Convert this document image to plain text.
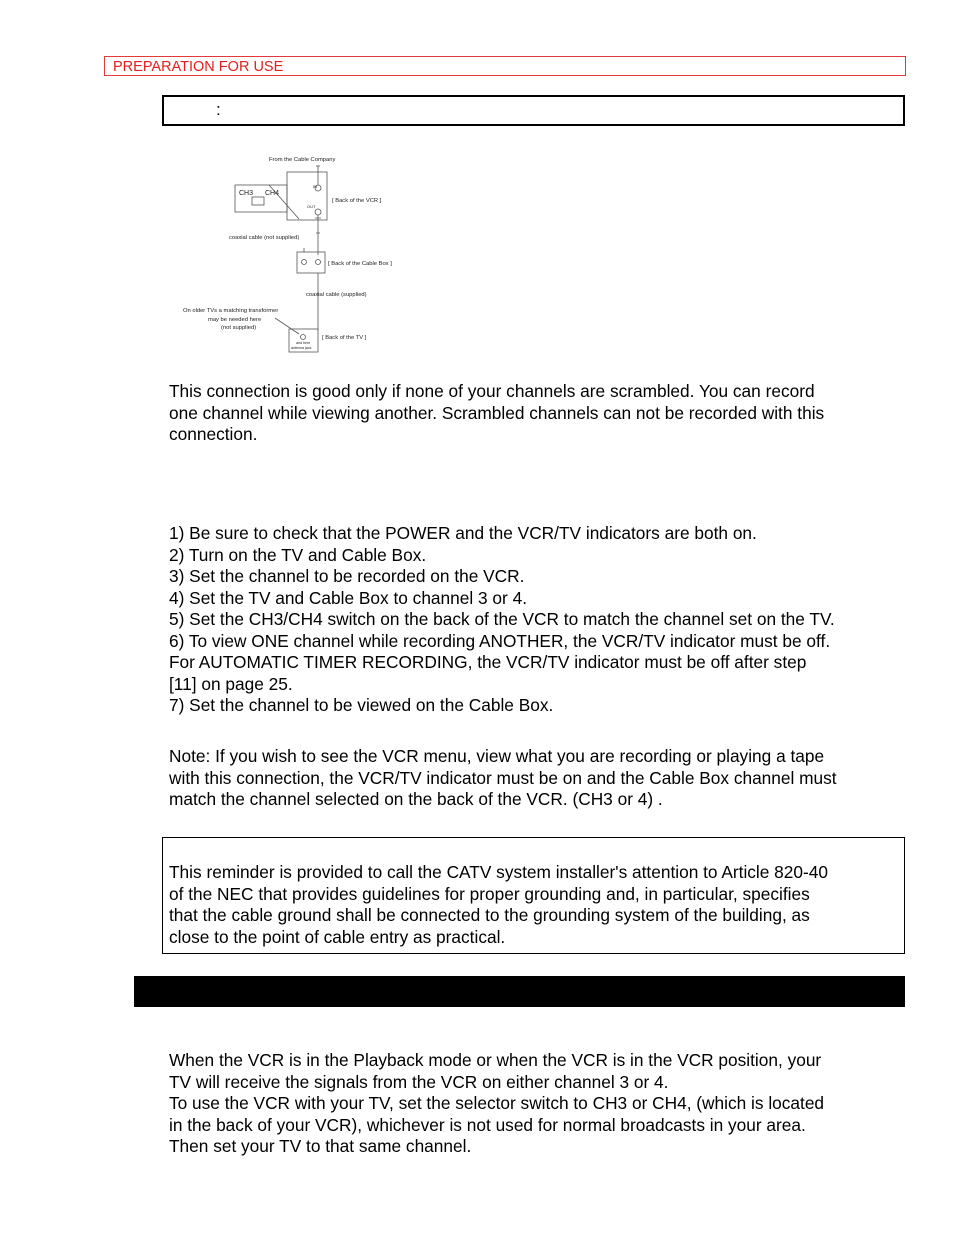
PREPARATION FOR USE
:
From the Cable Company
CH3 CH4
IN
OUT
[ Back of the VCR ]
coaxial cable (not supplied)
[ Back of the Cable Box ]
coaxial cable (supplied)
On older TVs a matching transformer
may be needed here
(not supplied)
[ Back of the TV ]
and here
antenna jack

This connection is good only if none of your channels are scrambled. You can record

one channel while viewing another. Scrambled channels can not be recorded with this

connection.

1) Be sure to check that the POWER and the VCR/TV indicators are both on.

2) Turn on the TV and Cable Box.

3) Set the channel to be recorded on the VCR.

4) Set the TV and Cable Box to channel 3 or 4.

5) Set the CH3/CH4 switch on the back of the VCR to match the channel set on the TV.

6) To view ONE channel while recording ANOTHER, the VCR/TV indicator must be off.

For AUTOMATIC TIMER RECORDING, the VCR/TV indicator must be off after step

[11] on page 25.

7) Set the channel to be viewed on the Cable Box.

Note: If you wish to see the VCR menu, view what you are recording or playing a tape

with this connection, the VCR/TV indicator must be on and the Cable Box channel must

match the channel selected on the back of the VCR. (CH3 or 4) .

This reminder is provided to call the CATV system installer's attention to Article 820-40

of the NEC that provides guidelines for proper grounding and, in particular, specifies

that the cable ground shall be connected to the grounding system of the building, as

close to the point of cable entry as practical.

When the VCR is in the Playback mode or when the VCR is in the VCR position, your

TV will receive the signals from the VCR on either channel 3 or 4.

To use the VCR with your TV, set the selector switch to CH3 or CH4, (which is located

in the back of your VCR), whichever is not used for normal broadcasts in your area.

Then set your TV to that same channel.
